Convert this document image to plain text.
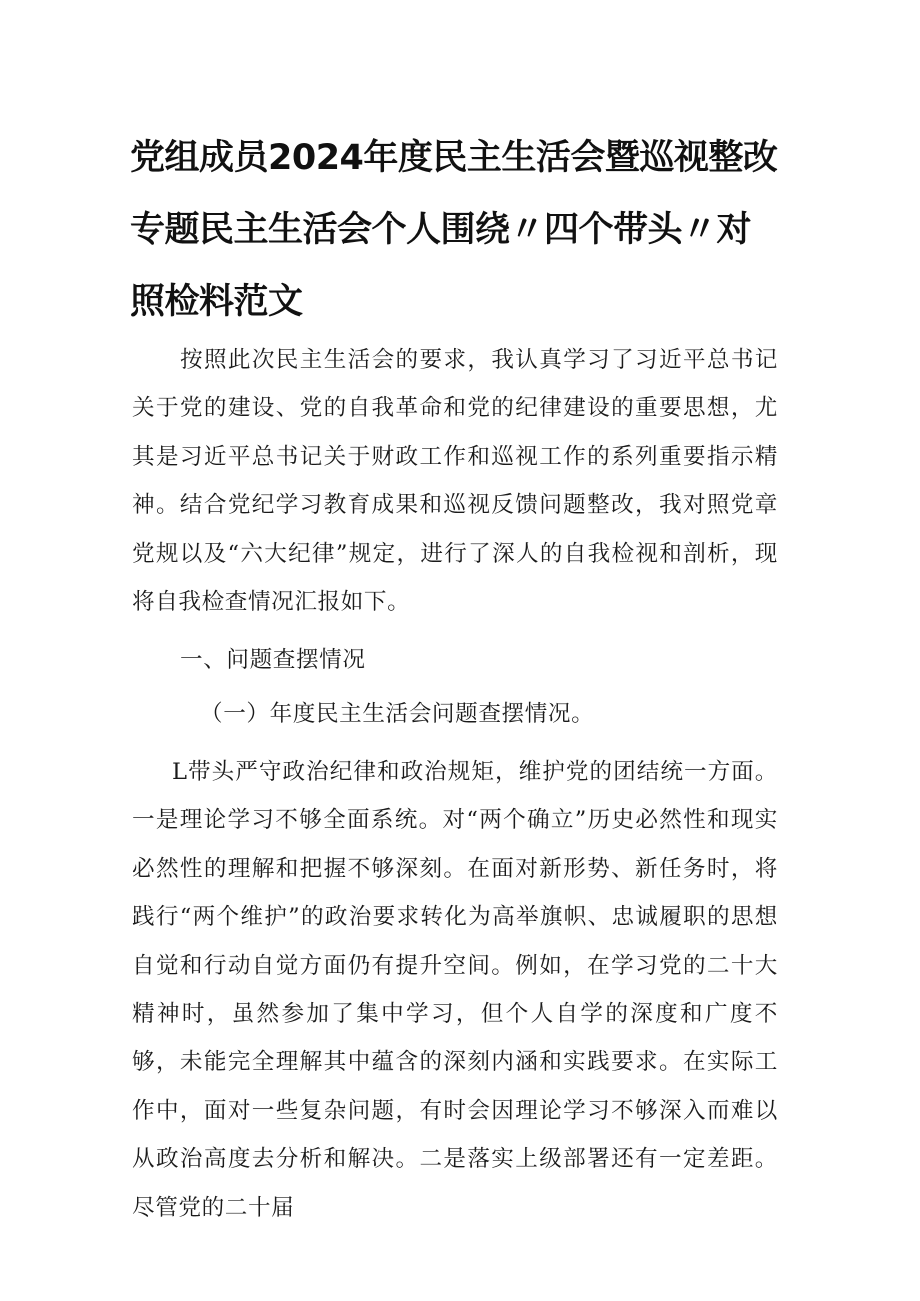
党组成员2024年度民主生活会暨巡视整改专题民主生活会个人围绕〃四个带头〃对照检料范文

按照此次民主生活会的要求，我认真学习了习近平总书记关于党的建设、党的自我革命和党的纪律建设的重要思想，尤其是习近平总书记关于财政工作和巡视工作的系列重要指示精神。结合党纪学习教育成果和巡视反馈问题整改，我对照党章党规以及“六大纪律”规定，进行了深人的自我检视和剖析，现将自我检查情况汇报如下。

一、问题查摆情况

（一）年度民主生活会问题查摆情况。

L带头严守政治纪律和政治规矩，维护党的团结统一方面。一是理论学习不够全面系统。对“两个确立”历史必然性和现实必然性的理解和把握不够深刻。在面对新形势、新任务时，将践行“两个维护”的政治要求转化为高举旗帜、忠诚履职的思想自觉和行动自觉方面仍有提升空间。例如，在学习党的二十大精神时，虽然参加了集中学习，但个人自学的深度和广度不够，未能完全理解其中蕴含的深刻内涵和实践要求。在实际工作中，面对一些复杂问题，有时会因理论学习不够深入而难以从政治高度去分析和解决。二是落实上级部署还有一定差距。尽管党的二十届
